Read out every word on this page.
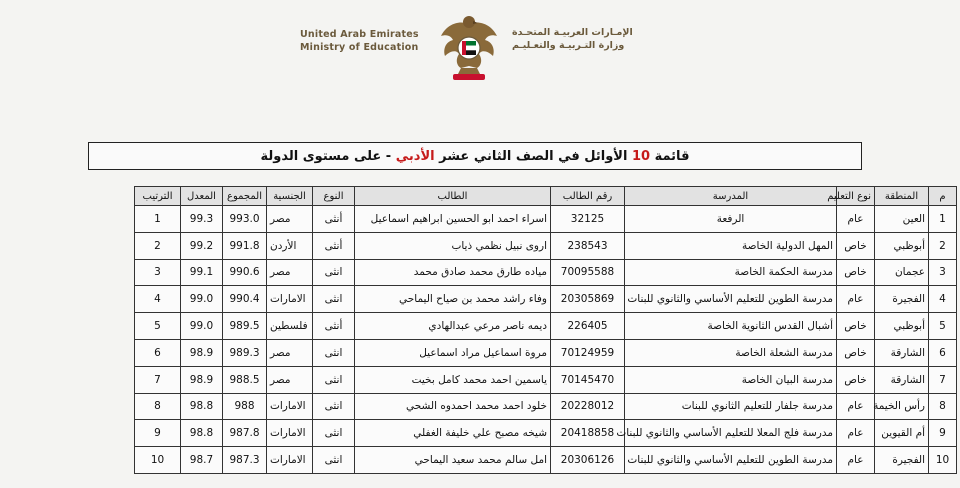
United Arab Emirates
Ministry of Education
الإمـارات العربيـة المتحـدة
وزارة التـربيـة والتعـليـم
قائمة

10

الأوائل في الصف الثاني عشر

الأدبي

- على مستوى الدولة
م	المنطقة	نوع التعليم	المدرسة	رقم الطالب	الطالب	النوع	الجنسية	المجموع	المعدل	الترتيب
1	العين	عام	الرفعة	32125	اسراء احمد ابو الحسين ابراهيم اسماعيل	أنثى	مصر	993.0	99.3	1
2	أبوظبي	خاص	المهل الدولية الخاصة	238543	اروى نبيل نظمي ذياب	أنثى	الأردن	991.8	99.2	2
3	عجمان	خاص	مدرسة الحكمة الخاصة	70095588	مياده طارق محمد صادق محمد	انثى	مصر	990.6	99.1	3
4	الفجيرة	عام	مدرسة الطوين للتعليم الأساسي والثانوي للبنات	20305869	وفاء راشد محمد بن صياح اليماحي	انثى	الامارات	990.4	99.0	4
5	أبوظبي	خاص	أشبال القدس الثانوية الخاصة	226405	ديمه ناصر مرعي عبدالهادي	أنثى	فلسطين	989.5	99.0	5
6	الشارقة	خاص	مدرسة الشعلة الخاصة	70124959	مروة اسماعيل مراد اسماعيل	انثى	مصر	989.3	98.9	6
7	الشارقة	خاص	مدرسة البيان الخاصة	70145470	ياسمين احمد محمد كامل بخيت	انثى	مصر	988.5	98.9	7
8	رأس الخيمة	عام	مدرسة جلفار للتعليم الثانوي للبنات	20228012	خلود احمد محمد احمدوه الشحي	انثى	الامارات	988	98.8	8
9	أم القيوين	عام	مدرسة فلج المعلا للتعليم الأساسي والثانوي للبنات	20418858	شيخه مصبح علي خليفة الغفلي	انثى	الامارات	987.8	98.8	9
10	الفجيرة	عام	مدرسة الطوين للتعليم الأساسي والثانوي للبنات	20306126	امل سالم محمد سعيد اليماحي	انثى	الامارات	987.3	98.7	10
